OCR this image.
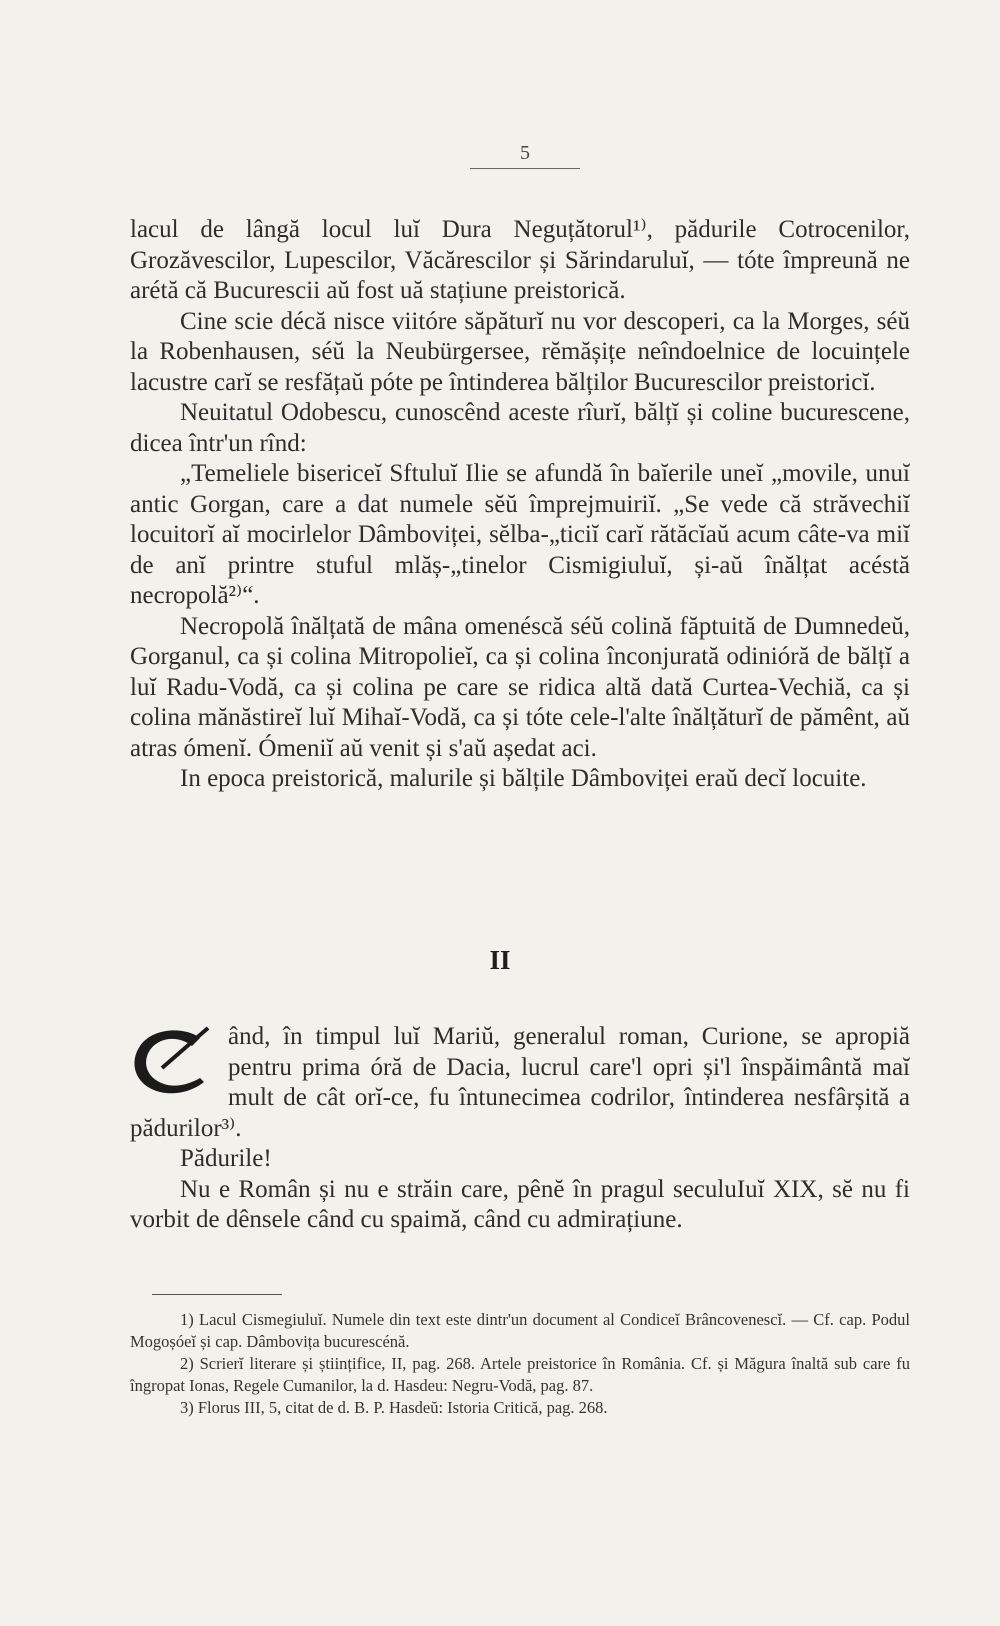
5

lacul de lângă locul luĭ Dura Neguțătorul¹⁾, pădurile Cotrocenilor, Grozăvescilor, Lupescilor, Văcărescilor și Sărindaruluĭ, — tóte împreună ne arétă că Bucurescii aŭ fost uă stațiune preistorică.

Cine scie décă nisce viitóre săpăturĭ nu vor descoperi, ca la Morges, séŭ la Robenhausen, séŭ la Neubürgersee, rĕmășițe neîndoelnice de locuințele lacustre carĭ se resfățaŭ póte pe întinderea bălților Bucurescilor preistoricĭ.

Neuitatul Odobescu, cunoscênd aceste rîurĭ, bălțĭ și coline bucurescene, dicea într'un rînd:

„Temeliele bisericeĭ Sftuluĭ Ilie se afundă în baĭerile uneĭ „movile, unuĭ antic Gorgan, care a dat numele sĕŭ împrejmuiriĭ. „Se vede că străvechiĭ locuitorĭ aĭ mocirlelor Dâmboviței, sĕlba-„ticiĭ carĭ rătăcĭaŭ acum câte-va miĭ de anĭ printre stuful mlăș-„tinelor Cismigiuluĭ, și-aŭ înălțat acéstă necropolă²⁾“.

Necropolă înălțată de mâna omenéscă séŭ colină făptuită de Dumnedeŭ, Gorganul, ca și colina Mitropolieĭ, ca și colina înconjurată odinióră de bălțĭ a luĭ Radu-Vodă, ca și colina pe care se ridica altă dată Curtea-Vechiă, ca și colina mănăstireĭ luĭ Mihaĭ-Vodă, ca și tóte cele-l'alte înălțăturĭ de pămênt, aŭ atras ómenĭ. Ómeniĭ aŭ venit și s'aŭ aședat aci.

In epoca preistorică, malurile și bălțile Dâmboviței eraŭ decĭ locuite.

II

ând, în timpul luĭ Mariŭ, generalul roman, Curione, se apropiă pentru prima óră de Dacia, lucrul care'l opri și'l înspăimântă maĭ mult de cât orĭ-ce, fu întunecimea codrilor, întinderea nesfârșită a pădurilor³⁾.

Pădurile!

Nu e Român și nu e străin care, pênĕ în pragul seculuIuĭ XIX, sĕ nu fi vorbit de dênsele când cu spaimă, când cu admirațiune.

1) Lacul Cismegiuluĭ. Numele din text este dintr'un document al Condiceĭ Brâncovenescĭ. — Cf. cap. Podul Mogoșóeĭ și cap. Dâmbovița bucurescénă.

2) Scrierĭ literare și științifice, II, pag. 268. Artele preistorice în România. Cf. și Măgura înaltă sub care fu îngropat Ionas, Regele Cumanilor, la d. Hasdeu: Negru-Vodă, pag. 87.

3) Florus III, 5, citat de d. B. P. Hasdeŭ: Istoria Critică, pag. 268.
